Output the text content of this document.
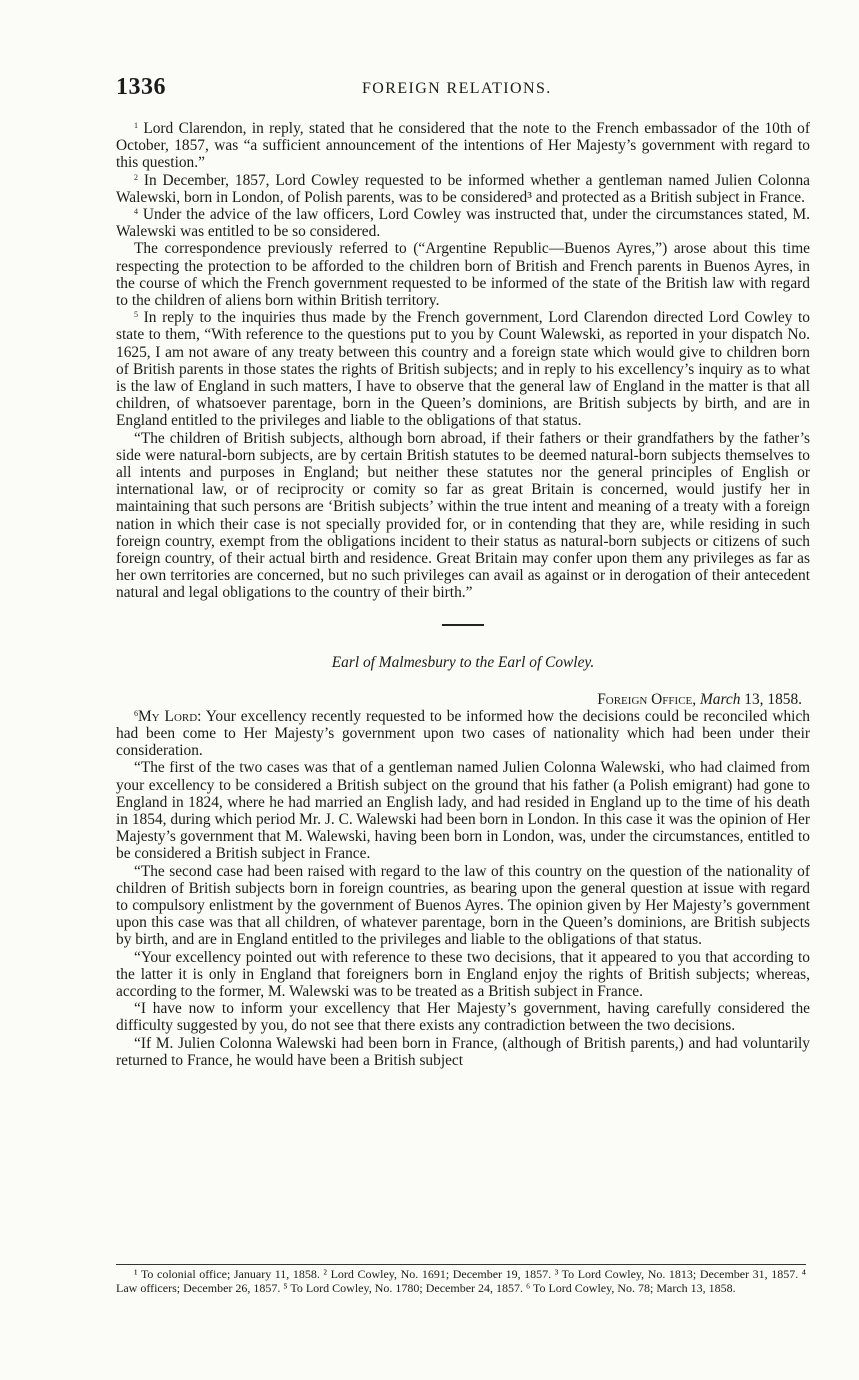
1336	FOREIGN RELATIONS.

$^1$ Lord Clarendon, in reply, stated that he considered that the note to the French embassador of the 10th of October, 1857, was “a sufficient announcement of the intentions of Her Majesty’s government with regard to this question.”

$^2$ In December, 1857, Lord Cowley requested to be informed whether a gentleman named Julien Colonna Walewski, born in London, of Polish parents, was to be considered³ and protected as a British subject in France.

$^4$ Under the advice of the law officers, Lord Cowley was instructed that, under the circumstances stated, M. Walewski was entitled to be so considered.

The correspondence previously referred to (“Argentine Republic—Buenos Ayres,”) arose about this time respecting the protection to be afforded to the children born of British and French parents in Buenos Ayres, in the course of which the French government requested to be informed of the state of the British law with regard to the children of aliens born within British territory.

$^5$ In reply to the inquiries thus made by the French government, Lord Clarendon directed Lord Cowley to state to them, “With reference to the questions put to you by Count Walewski, as reported in your dispatch No. 1625, I am not aware of any treaty between this country and a foreign state which would give to children born of British parents in those states the rights of British subjects; and in reply to his excellency’s inquiry as to what is the law of England in such matters, I have to observe that the general law of England in the matter is that all children, of whatsoever parentage, born in the Queen’s dominions, are British subjects by birth, and are in England entitled to the privileges and liable to the obligations of that status.

“The children of British subjects, although born abroad, if their fathers or their grandfathers by the father’s side were natural-born subjects, are by certain British statutes to be deemed natural-born subjects themselves to all intents and purposes in England; but neither these statutes nor the general principles of English or international law, or of reciprocity or comity so far as great Britain is concerned, would justify her in maintaining that such persons are ‘British subjects’ within the true intent and meaning of a treaty with a foreign nation in which their case is not specially provided for, or in contending that they are, while residing in such foreign country, exempt from the obligations incident to their status as natural-born subjects or citizens of such foreign country, of their actual birth and residence. Great Britain may confer upon them any privileges as far as her own territories are concerned, but no such privileges can avail as against or in derogation of their antecedent natural and legal obligations to the country of their birth.”

Earl of Malmesbury to the Earl of Cowley.
Foreign Office, March 13, 1858.

$^6$My Lord: Your excellency recently requested to be informed how the decisions could be reconciled which had been come to Her Majesty’s government upon two cases of nationality which had been under their consideration.

“The first of the two cases was that of a gentleman named Julien Colonna Walewski, who had claimed from your excellency to be considered a British subject on the ground that his father (a Polish emigrant) had gone to England in 1824, where he had married an English lady, and had resided in England up to the time of his death in 1854, during which period Mr. J. C. Walewski had been born in London. In this case it was the opinion of Her Majesty’s government that M. Walewski, having been born in London, was, under the circumstances, entitled to be considered a British subject in France.

“The second case had been raised with regard to the law of this country on the question of the nationality of children of British subjects born in foreign countries, as bearing upon the general question at issue with regard to compulsory enlistment by the government of Buenos Ayres. The opinion given by Her Majesty’s government upon this case was that all children, of whatever parentage, born in the Queen’s dominions, are British subjects by birth, and are in England entitled to the privileges and liable to the obligations of that status.

“Your excellency pointed out with reference to these two decisions, that it appeared to you that according to the latter it is only in England that foreigners born in England enjoy the rights of British subjects; whereas, according to the former, M. Walewski was to be treated as a British subject in France.

“I have now to inform your excellency that Her Majesty’s government, having carefully considered the difficulty suggested by you, do not see that there exists any contradiction between the two decisions.

“If M. Julien Colonna Walewski had been born in France, (although of British parents,) and had voluntarily returned to France, he would have been a British subject

¹ To colonial office; January 11, 1858. ² Lord Cowley, No. 1691; December 19, 1857. ³ To Lord Cowley, No. 1813; December 31, 1857. ⁴ Law officers; December 26, 1857. ⁵ To Lord Cowley, No. 1780; December 24, 1857. ⁶ To Lord Cowley, No. 78; March 13, 1858.
